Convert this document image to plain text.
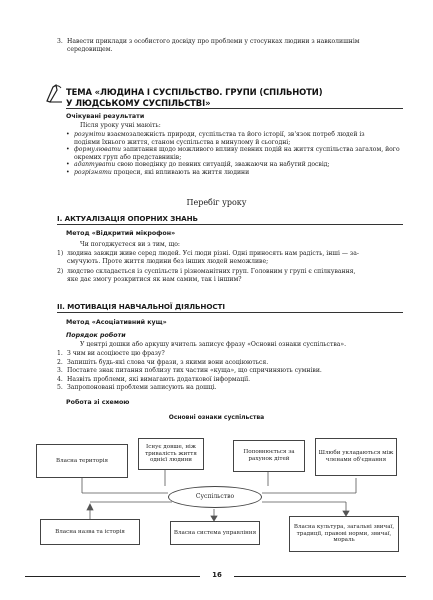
3. Навести приклади з особистого досвіду про проблеми у стосунках людини з навколишнім
середовищем.
ТЕМА «ЛЮДИНА І СУСПІЛЬСТВО. ГРУПИ (СПІЛЬНОТИ)
У ЛЮДСЬКОМУ СУСПІЛЬСТВІ»
Очікувані результати
Після уроку учні маюіть:
• розуміти взаємозалежність природи, суспільства та його історії, зв'язок потреб людей із
подіями їхнього життя, станом суспільства в минулому й сьогодні;
• формулювати запитання щодо можливого впливу певних подій на життя суспільства загалом, його
окремих груп або представників;
• адаптувати свою поведінку до певних ситуацій, зважаючи на набутий досвід;
• розрізняти процеси, які впливають на життя людини
Перебіг уроку
I. АКТУАЛІЗАЦІЯ ОПОРНИХ ЗНАНЬ
Метод «Відкритий мікрофон»
Чи погоджуєтеся ви з тим, що:
1) людина завжди живе серед людей. Усі люди різні. Одні приносять нам радість, інші — за-
смучують. Проте життя людини без інших людей неможливе;
2) людство складається із суспільств і різноманітних груп. Головним у групі є спілкування,
яке дає змогу розкритися як нам самим, так і іншим?
II. МОТИВАЦІЯ НАВЧАЛЬНОЇ ДІЯЛЬНОСТІ
Метод «Асоціативний кущ»
Порядок роботи
У центрі дошки або аркушу вчитель записує фразу «Основні ознаки суспільства».
1. З чим ви асоціюєте цю фразу?
2. Запишіть будь-які слова чи фрази, з якими вони асоціюються.
3. Поставте знак питання поблизу тих частин «куща», що спричиняють сумніви.
4. Назвіть проблеми, які вимагають додаткової інформації.
5. Запропоновані проблеми записують на дошці.
Робота зі схемою
Основні ознаки суспільства
Власна територія
Існує довше, ніж тривалість життя однієї людини
Поповнюється за рахунок дітей
Шлюби укладаються між членами об'єднання
Суспільство
Власна назва та історія	Власна система управління
Власна культура, загальні звичаї, традиції, правові норми, звичаї, мораль
16
